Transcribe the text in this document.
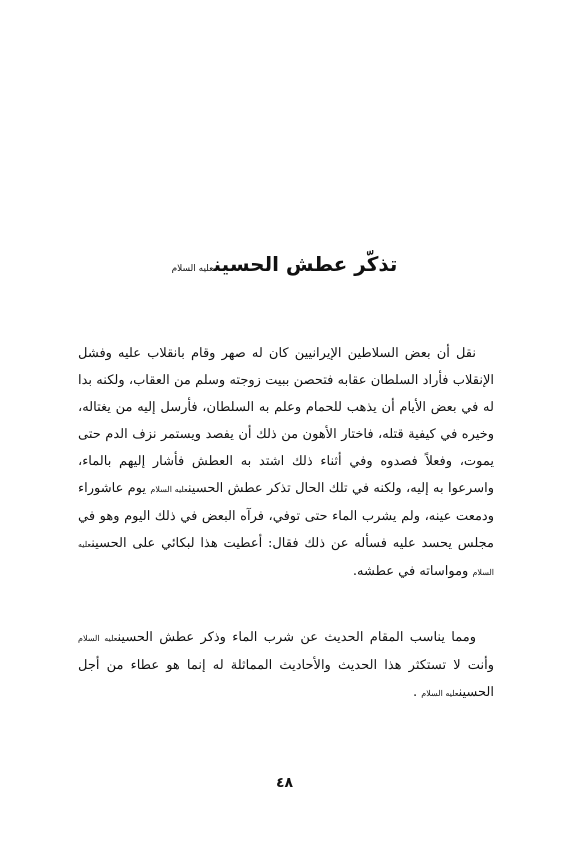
تذكّر عطش الحسينعليه السلام

نقل أن بعض السلاطين الإيرانيين كان له صهر وقام بانقلاب عليه وفشل الإنقلاب فأراد السلطان عقابه فتحصن ببيت زوجته وسلم من العقاب، ولكنه بدا له في بعض الأيام أن يذهب للحمام وعلم به السلطان، فأرسل إليه من يغتاله، وخيره في كيفية قتله، فاختار الأهون من ذلك أن يفصد ويستمر نزف الدم حتى يموت، وفعلاً فصدوه وفي أثناء ذلك اشتد به العطش فأشار إليهم بالماء، واسرعوا به إليه، ولكنه في تلك الحال تذكر عطش الحسينعليه السلام يوم عاشوراء ودمعت عينه، ولم يشرب الماء حتى توفي، فرآه البعض في ذلك اليوم وهو في مجلس يحسد عليه فسأله عن ذلك فقال: أعطيت هذا لبكائي على الحسينعليه السلام ومواساته في عطشه.

ومما يناسب المقام الحديث عن شرب الماء وذكر عطش الحسينعليه السلام وأنت لا تستكثر هذا الحديث والأحاديث المماثلة له إنما هو عطاء من أجل الحسينعليه السلام .

٤٨
